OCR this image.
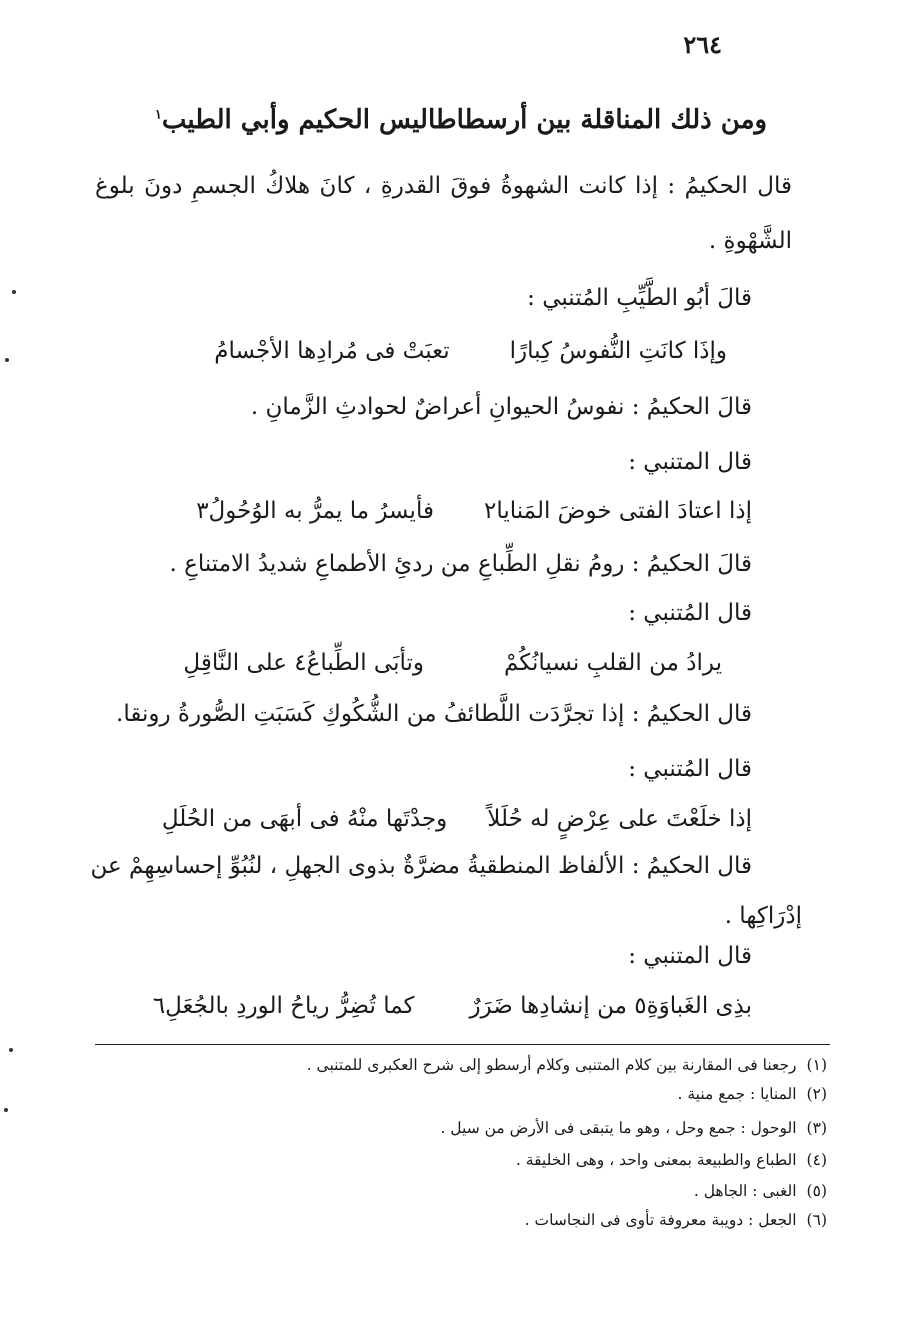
٢٦٤
ومن ذلك المناقلة بين أرسطاطاليس الحكيم وأبي الطيب$^١$
قال الحكيمُ : إذا كانت الشهوةُ فوقَ القدرةِ ، كانَ هلاكُ الجسمِ دونَ بلوغ
الشَّهْوةِ .
قالَ أبُو الطَّيِّبِ المُتنبي :
وإذَا كانَتِ النُّفوسُ كِبارًا
تعبَتْ فى مُرادِها الأجْسامُ
قالَ الحكيمُ : نفوسُ الحيوانِ أعراضٌ لحوادثِ الزَّمانِ .
قال المتنبي :
إذا اعتادَ الفتى خوضَ المَنايا٢
فأيسرُ ما يمرُّ به الوُحُولُ٣
قالَ الحكيمُ : رومُ نقلِ الطِّباعِ من ردئِ الأطماعِ شديدُ الامتناعِ .
قال المُتنبي :
يرادُ من القلبِ نسيانُكُمْ
وتأبَى الطِّباعُ٤ على النَّاقِلِ
قال الحكيمُ : إذا تجرَّدَت اللَّطائفُ من الشُّكُوكِ كَسَبَتِ الصُّورةُ رونقا.
قال المُتنبي :
إذا خلَعْتَ على عِرْضٍ له حُلَلاً
وجدْتَها منْهُ فى أبهَى من الحُلَلِ
قال الحكيمُ : الألفاظ المنطقيةُ مضرَّةٌ بذوى الجهلِ ، لنُبُوِّ إحساسِهِمْ عن
إدْرَاكِها .
قال المتنبي :
بذِى الغَباوَةِ٥ من إنشادِها ضَرَرٌ
كما تُضِرُّ رياحُ الوردِ بالجُعَلِ٦
(١)رجعنا فى المقارنة بين كلام المتنبى وكلام أرسطو إلى شرح العكبرى للمتنبى .
(٢)المنايا : جمع منية .
(٣)الوحول : جمع وحل ، وهو ما يتبقى فى الأرض من سيل .
(٤)الطباع والطبيعة بمعنى واحد ، وهى الخليقة .
(٥)الغبى : الجاهل .
(٦)الجعل : دويبة معروفة تأوى فى النجاسات .
